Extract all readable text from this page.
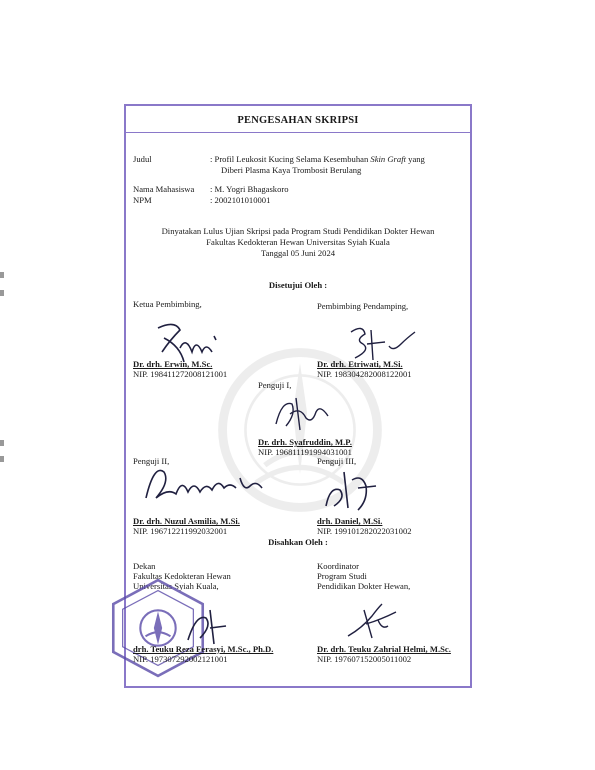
PENGESAHAN SKRIPSI
Judul	: Profil Leukosit Kucing Selama Kesembuhan Skin Graft yang
Diberi Plasma Kaya Trombosit Berulang
Nama Mahasiswa : M. Yogri Bhagaskoro
NPM	: 2002101010001
Dinyatakan Lulus Ujian Skripsi pada Program Studi Pendidikan Dokter Hewan
Fakultas Kedokteran Hewan Universitas Syiah Kuala
Tanggal 05 Juni 2024
Disetujui Oleh :
Ketua Pembimbing,
Dr. drh. Erwin, M.Sc.
NIP. 198411272008121001
Pembimbing Pendamping,
Dr. drh. Etriwati, M.Si.
NIP. 198304282008122001
Penguji I,
Dr. drh. Syafruddin, M.P.
NIP. 196811191994031001
Penguji II,
Dr. drh. Nuzul Asmilia, M.Si.
NIP. 196712211992032001
Penguji III,
drh. Daniel, M.Si.
NIP. 199101282022031002
Disahkan Oleh :
Dekan
Fakultas Kedokteran Hewan
Universitas Syiah Kuala,
drh. Teuku Reza Ferasyi, M.Sc., Ph.D.
NIP. 197307292002121001
Koordinator
Program Studi
Pendidikan Dokter Hewan,
Dr. drh. Teuku Zahrial Helmi, M.Sc.
NIP. 197607152005011002
